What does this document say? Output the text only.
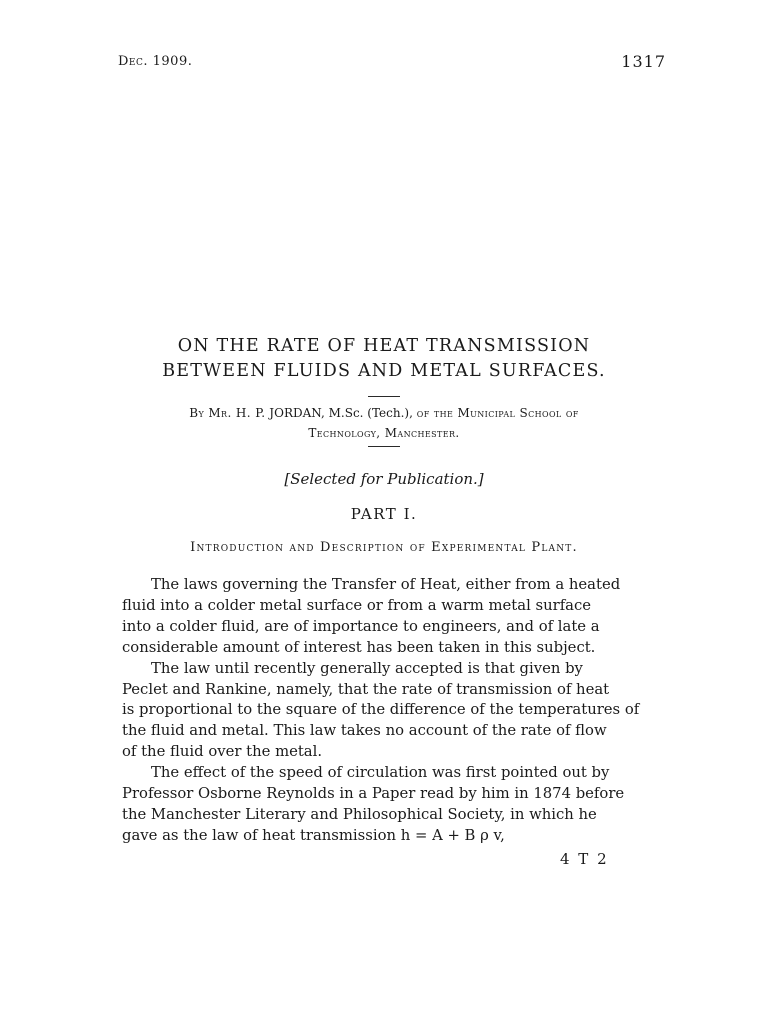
Dec. 1909.	1317
ON THE RATE OF HEAT TRANSMISSION
BETWEEN FLUIDS AND METAL SURFACES.
By Mr. H. P. JORDAN, M.Sc. (Tech.), of the Municipal School of
Technology, Manchester.
[Selected for Publication.]
PART I.
Introduction and Description of Experimental Plant.

The laws governing the Transfer of Heat, either from a heated
fluid into a colder metal surface or from a warm metal surface
into a colder fluid, are of importance to engineers, and of late a
considerable amount of interest has been taken in this subject.

The law until recently generally accepted is that given by
Peclet and Rankine, namely, that the rate of transmission of heat
is proportional to the square of the difference of the temperatures of
the fluid and metal. This law takes no account of the rate of flow
of the fluid over the metal.

The effect of the speed of circulation was first pointed out by
Professor Osborne Reynolds in a Paper read by him in 1874 before
the Manchester Literary and Philosophical Society, in which he
gave as the law of heat transmission h = A + B ρ v,

4 T 2
